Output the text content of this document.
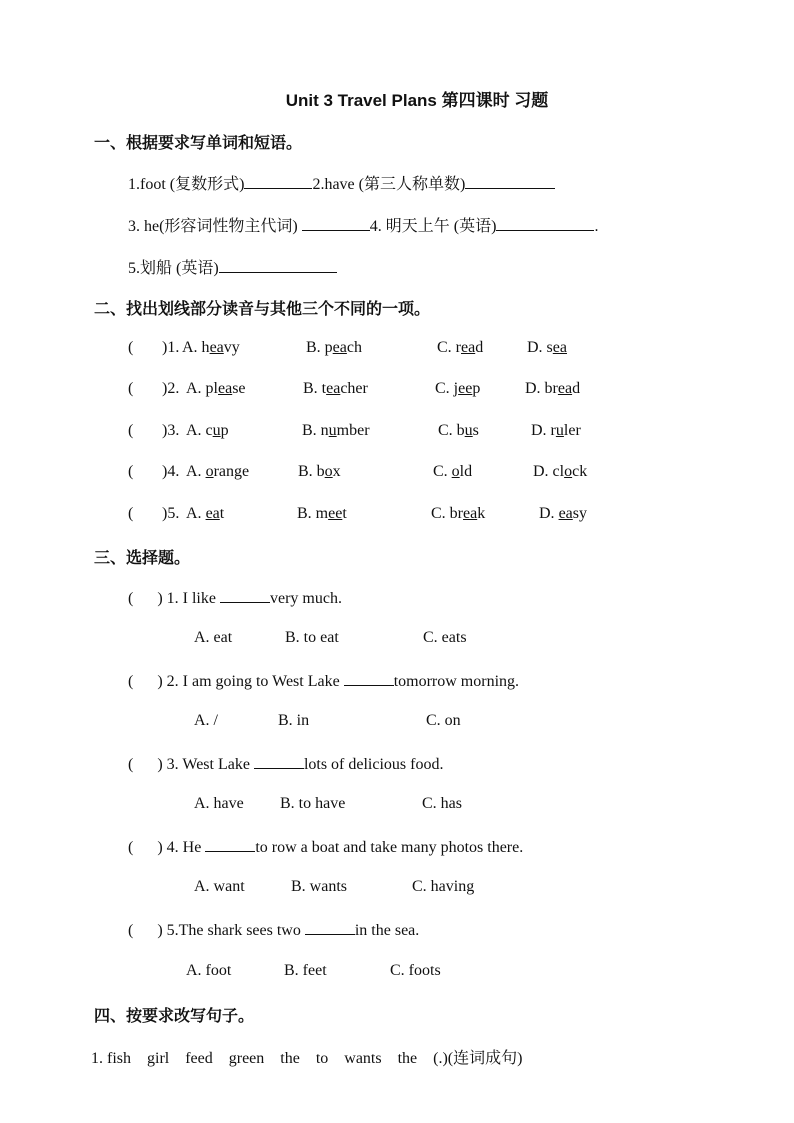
Unit 3 Travel Plans 第四课时 习题
一、根据要求写单词和短语。
1.foot (复数形式)	2.have (第三人称单数)
3. he(形容词性物主代词)	4. 明天上午 (英语)	.
5.划船 (英语)
二、找出划线部分读音与其他三个不同的一项。
( )1. A. heavy	B. peach	C. read	D. sea
( )2. A. please	B. teacher	C. jeep	D. bread
( )3. A. cup	B. number	C. bus	D. ruler
( )4. A. orange	B. box	C. old	D. clock
( )5. A. eat	B. meet	C. break	D. easy
三、选择题。
( ) 1. I like	very much.
A. eat	B. to eat	C. eats
( ) 2. I am going to West Lake	tomorrow morning.
A. /	B. in	C. on
( ) 3. West Lake	lots of delicious food.
A. have B. to have	C. has
( ) 4. He	to row a boat and take many photos there.
A. want	B. wants	C. having
( ) 5.The shark sees two	in the sea.
A. foot	B. feet	C. foots
四、按要求改写句子。
1. fish    girl    feed    green    the    to    wants    the    (.)(连词成句)
